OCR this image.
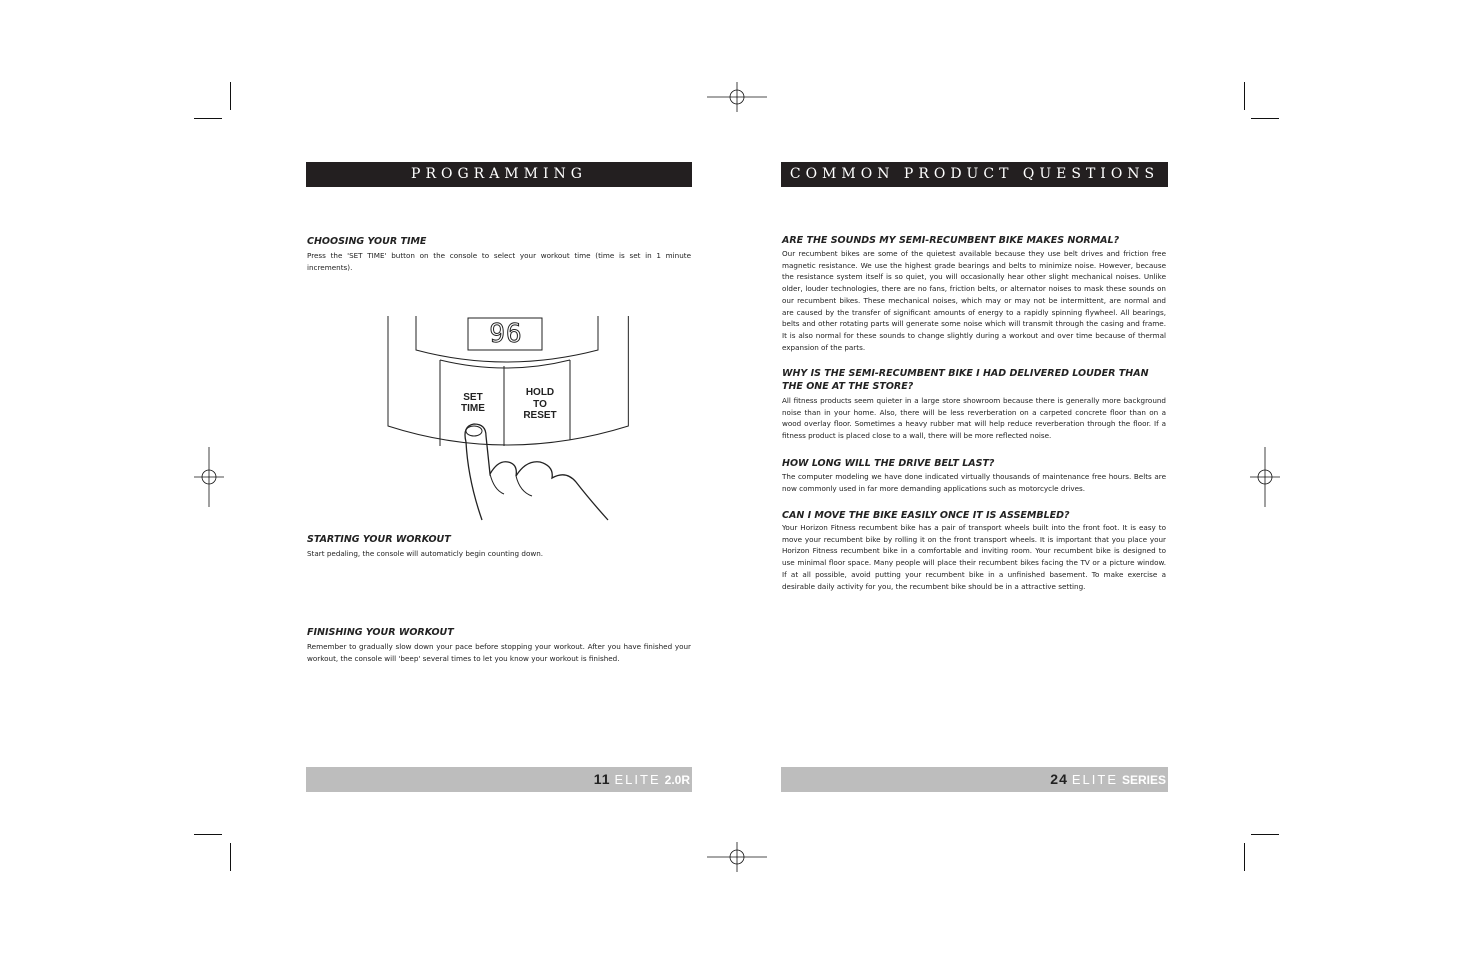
PROGRAMMING
CHOOSING YOUR TIME
Press the 'SET TIME' button on the console to select your workout time (time is set in 1 minute increments).
96
SET
TIME
HOLD
TO
RESET
STARTING YOUR WORKOUT
Start pedaling, the console will automaticly begin counting down.
FINISHING YOUR WORKOUT
Remember to gradually slow down your pace before stopping your workout. After you have finished your workout, the console will 'beep' several times to let you know your workout is finished.
11 ELITE 2.0R
COMMON PRODUCT QUESTIONS
ARE THE SOUNDS MY SEMI-RECUMBENT BIKE MAKES NORMAL?
Our recumbent bikes are some of the quietest available because they use belt drives and friction free magnetic resistance. We use the highest grade bearings and belts to minimize noise. However, because the resistance system itself is so quiet, you will occasionally hear other slight mechanical noises. Unlike older, louder technologies, there are no fans, friction belts, or alternator noises to mask these sounds on our recumbent bikes. These mechanical noises, which may or may not be intermittent, are normal and are caused by the transfer of significant amounts of energy to a rapidly spinning flywheel. All bearings, belts and other rotating parts will generate some noise which will transmit through the casing and frame. It is also normal for these sounds to change slightly during a workout and over time because of thermal expansion of the parts.
WHY IS THE SEMI-RECUMBENT BIKE I HAD DELIVERED LOUDER THAN THE ONE AT THE STORE?
All fitness products seem quieter in a large store showroom because there is generally more background noise than in your home. Also, there will be less reverberation on a carpeted concrete floor than on a wood overlay floor. Sometimes a heavy rubber mat will help reduce reverberation through the floor. If a fitness product is placed close to a wall, there will be more reflected noise.
HOW LONG WILL THE DRIVE BELT LAST?
The computer modeling we have done indicated virtually thousands of maintenance free hours. Belts are now commonly used in far more demanding applications such as motorcycle drives.
CAN I MOVE THE BIKE EASILY ONCE IT IS ASSEMBLED?
Your Horizon Fitness recumbent bike has a pair of transport wheels built into the front foot. It is easy to move your recumbent bike by rolling it on the front transport wheels. It is important that you place your Horizon Fitness recumbent bike in a comfortable and inviting room. Your recumbent bike is designed to use minimal floor space. Many people will place their recumbent bikes facing the TV or a picture window. If at all possible, avoid putting your recumbent bike in a unfinished basement. To make exercise a desirable daily activity for you, the recumbent bike should be in a attractive setting.
24 ELITE SERIES
